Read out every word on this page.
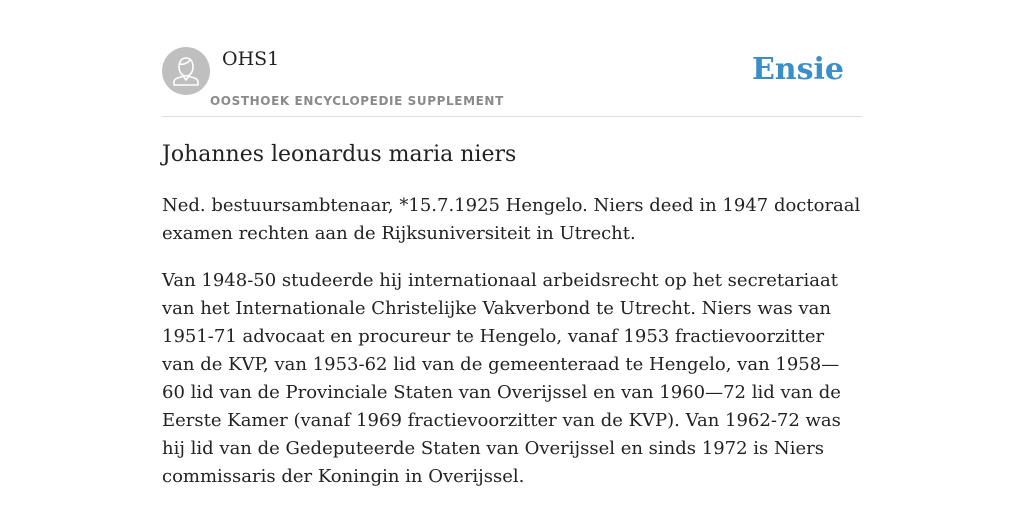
OHS1
OOSTHOEK ENCYCLOPEDIE SUPPLEMENT
Ensie
Johannes leonardus maria niers

Ned. bestuursambtenaar, *15.7.1925 Hengelo. Niers deed in 1947 doctoraal examen rechten aan de Rijksuniversiteit in Utrecht.

Van 1948-50 studeerde hij internationaal arbeidsrecht op het secretariaat van het Internationale Christelijke Vakverbond te Utrecht. Niers was van 1951-71 advocaat en procureur te Hengelo, vanaf 1953 fractievoorzitter van de KVP, van 1953-62 lid van de gemeenteraad te Hengelo, van 1958— 60 lid van de Provinciale Staten van Overijssel en van 1960—72 lid van de Eerste Kamer (vanaf 1969 fractievoorzitter van de KVP). Van 1962-72 was hij lid van de Gedeputeerde Staten van Overijssel en sinds 1972 is Niers commissaris der Koningin in Overijssel.
